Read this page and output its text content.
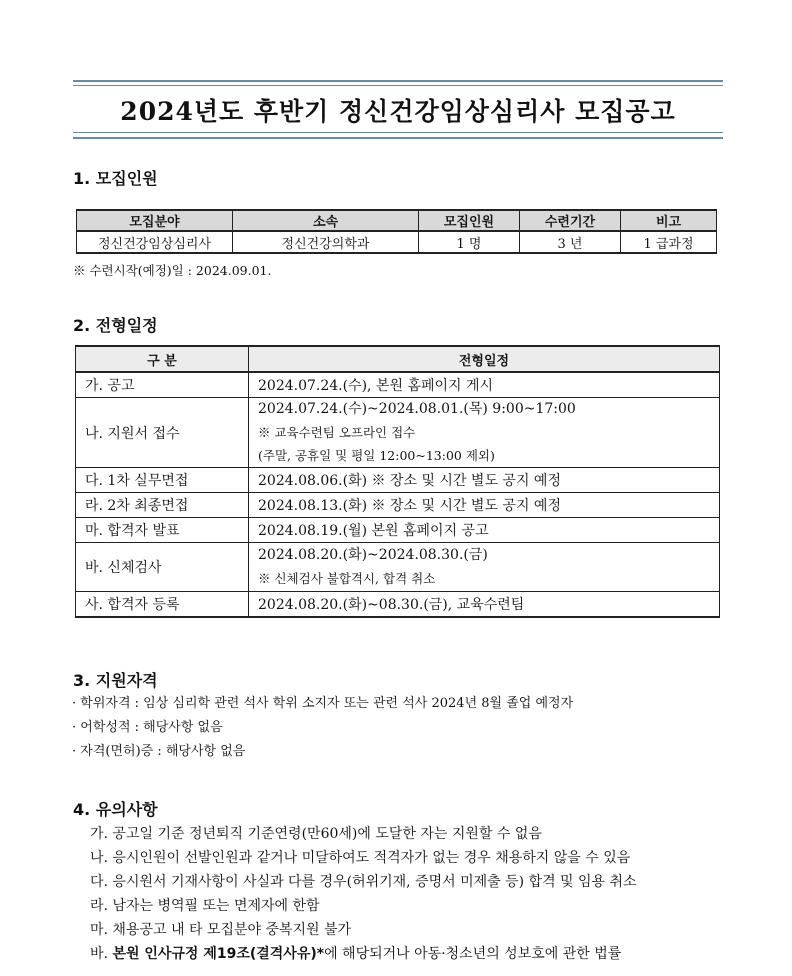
2024년도 후반기 정신건강임상심리사 모집공고
1. 모집인원
모집분야	소속	모집인원	수련기간	비고
정신건강임상심리사	정신건강의학과	1 명	3 년	1 급과정
※ 수련시작(예정)일 : 2024.09.01.
2. 전형일정
구 분	전형일정
가. 공고	2024.07.24.(수), 본원 홈페이지 게시
나. 지원서 접수	2024.07.24.(수)~2024.08.01.(목) 9:00~17:00
※ 교육수련팀 오프라인 접수
(주말, 공휴일 및 평일 12:00~13:00 제외)

다. 1차 실무면접	2024.08.06.(화) ※ 장소 및 시간 별도 공지 예정
라. 2차 최종면접	2024.08.13.(화) ※ 장소 및 시간 별도 공지 예정
마. 합격자 발표	2024.08.19.(월) 본원 홈페이지 공고
바. 신체검사	2024.08.20.(화)~2024.08.30.(금)
※ 신체검사 불합격시, 합격 취소

사. 합격자 등록	2024.08.20.(화)~08.30.(금), 교육수련팀
3. 지원자격
· 학위자격 : 임상 심리학 관련 석사 학위 소지자 또는 관련 석사 2024년 8월 졸업 예정자
· 어학성적 : 해당사항 없음
· 자격(면허)증 : 해당사항 없음
4. 유의사항
가. 공고일 기준 정년퇴직 기준연령(만60세)에 도달한 자는 지원할 수 없음
나. 응시인원이 선발인원과 같거나 미달하여도 적격자가 없는 경우 채용하지 않을 수 있음
다. 응시원서 기재사항이 사실과 다를 경우(허위기재, 증명서 미제출 등) 합격 및 임용 취소
라. 남자는 병역필 또는 면제자에 한함
마. 채용공고 내 타 모집분야 중복지원 불가
바. 본원 인사규정 제19조(결격사유)*에 해당되거나 아동·청소년의 성보호에 관한 법률
